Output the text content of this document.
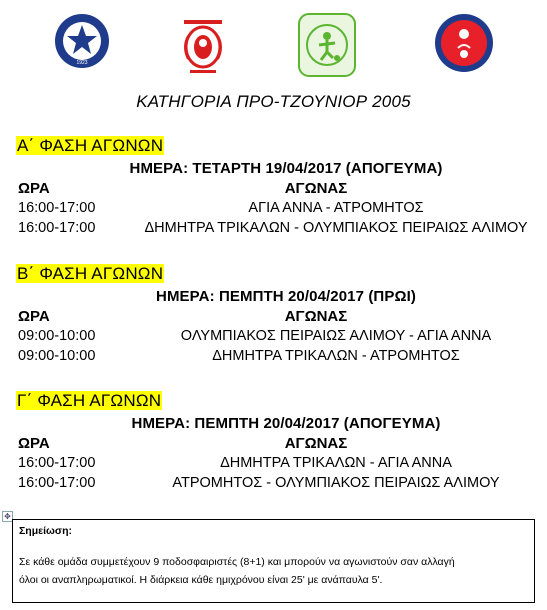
1923
ΚΑΤΗΓΟΡΙΑ ΠΡΟ-ΤΖΟΥΝΙΟΡ 2005
Α΄ ΦΑΣΗ ΑΓΩΝΩΝ
ΗΜΕΡΑ: ΤΕΤΑΡΤΗ 19/04/2017 (ΑΠΟΓΕΥΜΑ)
ΩΡΑ	ΑΓΩΝΑΣ
16:00-17:00	ΑΓΙΑ ΑΝΝΑ - ΑΤΡΟΜΗΤΟΣ
16:00-17:00	ΔΗΜΗΤΡΑ ΤΡΙΚΑΛΩΝ - ΟΛΥΜΠΙΑΚΟΣ ΠΕΙΡΑΙΩΣ ΑΛΙΜΟΥ
Β΄ ΦΑΣΗ ΑΓΩΝΩΝ
ΗΜΕΡΑ: ΠΕΜΠΤΗ 20/04/2017 (ΠΡΩΙ)
ΩΡΑ	ΑΓΩΝΑΣ
09:00-10:00	ΟΛΥΜΠΙΑΚΟΣ ΠΕΙΡΑΙΩΣ ΑΛΙΜΟΥ - ΑΓΙΑ ΑΝΝΑ
09:00-10:00	ΔΗΜΗΤΡΑ ΤΡΙΚΑΛΩΝ - ΑΤΡΟΜΗΤΟΣ
Γ΄ ΦΑΣΗ ΑΓΩΝΩΝ
ΗΜΕΡΑ: ΠΕΜΠΤΗ 20/04/2017 (ΑΠΟΓΕΥΜΑ)
ΩΡΑ	ΑΓΩΝΑΣ
16:00-17:00	ΔΗΜΗΤΡΑ ΤΡΙΚΑΛΩΝ - ΑΓΙΑ ΑΝΝΑ
16:00-17:00	ΑΤΡΟΜΗΤΟΣ - ΟΛΥΜΠΙΑΚΟΣ ΠΕΙΡΑΙΩΣ ΑΛΙΜΟΥ
✥
Σημείωση:
Σε κάθε ομάδα συμμετέχουν 9 ποδοσφαιριστές (8+1) και μπορούν να αγωνιστούν σαν αλλαγή
όλοι οι αναπληρωματικοί. Η διάρκεια κάθε ημιχρόνου είναι 25' με ανάπαυλα 5'.
